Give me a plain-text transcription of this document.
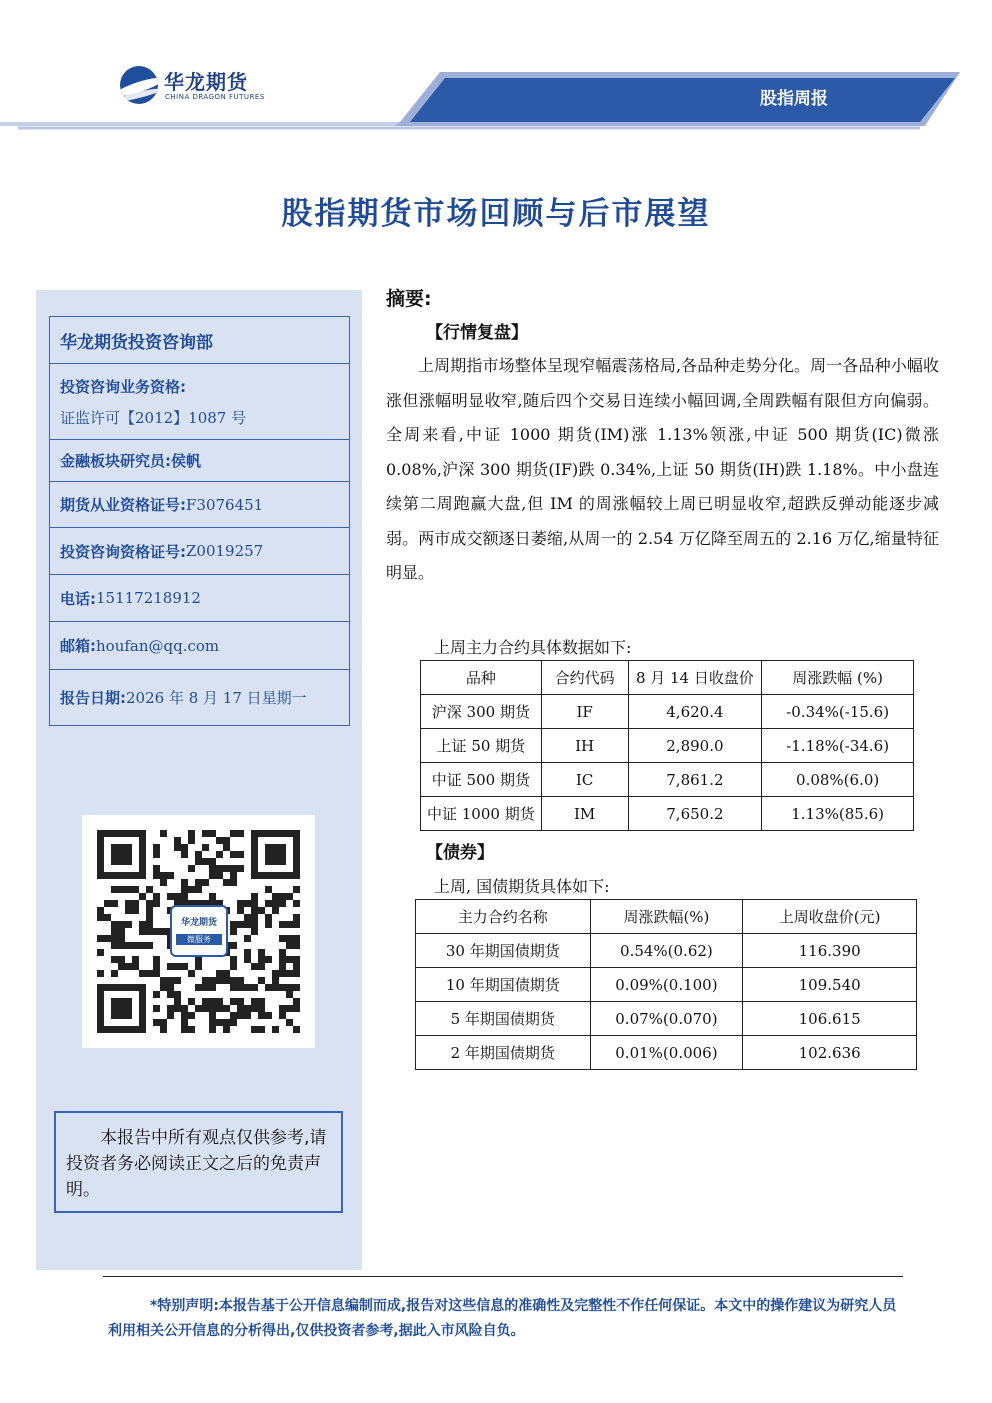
华龙期货
CHINA DRAGON FUTURES	股指周报
股指期货市场回顾与后市展望
华龙期货投资咨询部
投资咨询业务资格:
证监许可【2012】1087 号
金融板块研究员: 侯帆
期货从业资格证号: F3076451
投资咨询资格证号: Z0019257
电话: 15117218912
邮箱: houfan@qq.com
报告日期: 2026 年 8 月 17 日星期一
华龙期货
微服务
本报告中所有观点仅供参考,请投资者务必阅读正文之后的免责声明。
摘要:
【行情复盘】
上周期指市场整体呈现窄幅震荡格局,各品种走势分化。周一各品种小幅收涨但涨幅明显收窄,随后四个交易日连续小幅回调,全周跌幅有限但方向偏弱。全周来看,中证 1000 期货(IM)涨 1.13%领涨,中证 500 期货(IC)微涨 0.08%,沪深 300 期货(IF)跌 0.34%,上证 50 期货(IH)跌 1.18%。中小盘连续第二周跑赢大盘,但 IM 的周涨幅较上周已明显收窄,超跌反弹动能逐步减弱。两市成交额逐日萎缩,从周一的 2.54 万亿降至周五的 2.16 万亿,缩量特征明显。
上周主力合约具体数据如下:
品种	合约代码	8 月 14 日收盘价	周涨跌幅 (%)
沪深 300 期货	IF	4,620.4	-0.34%(-15.6)
上证 50 期货	IH	2,890.0	-1.18%(-34.6)
中证 500 期货	IC	7,861.2	0.08%(6.0)
中证 1000 期货	IM	7,650.2	1.13%(85.6)
【债券】
上周, 国债期货具体如下:
主力合约名称	周涨跌幅(%)	上周收盘价(元)
30 年期国债期货	0.54%(0.62)	116.390
10 年期国债期货	0.09%(0.100)	109.540
5 年期国债期货	0.07%(0.070)	106.615
2 年期国债期货	0.01%(0.006)	102.636
*特别声明:本报告基于公开信息编制而成,报告对这些信息的准确性及完整性不作任何保证。本文中的操作建议为研究人员利用相关公开信息的分析得出,仅供投资者参考,据此入市风险自负。
